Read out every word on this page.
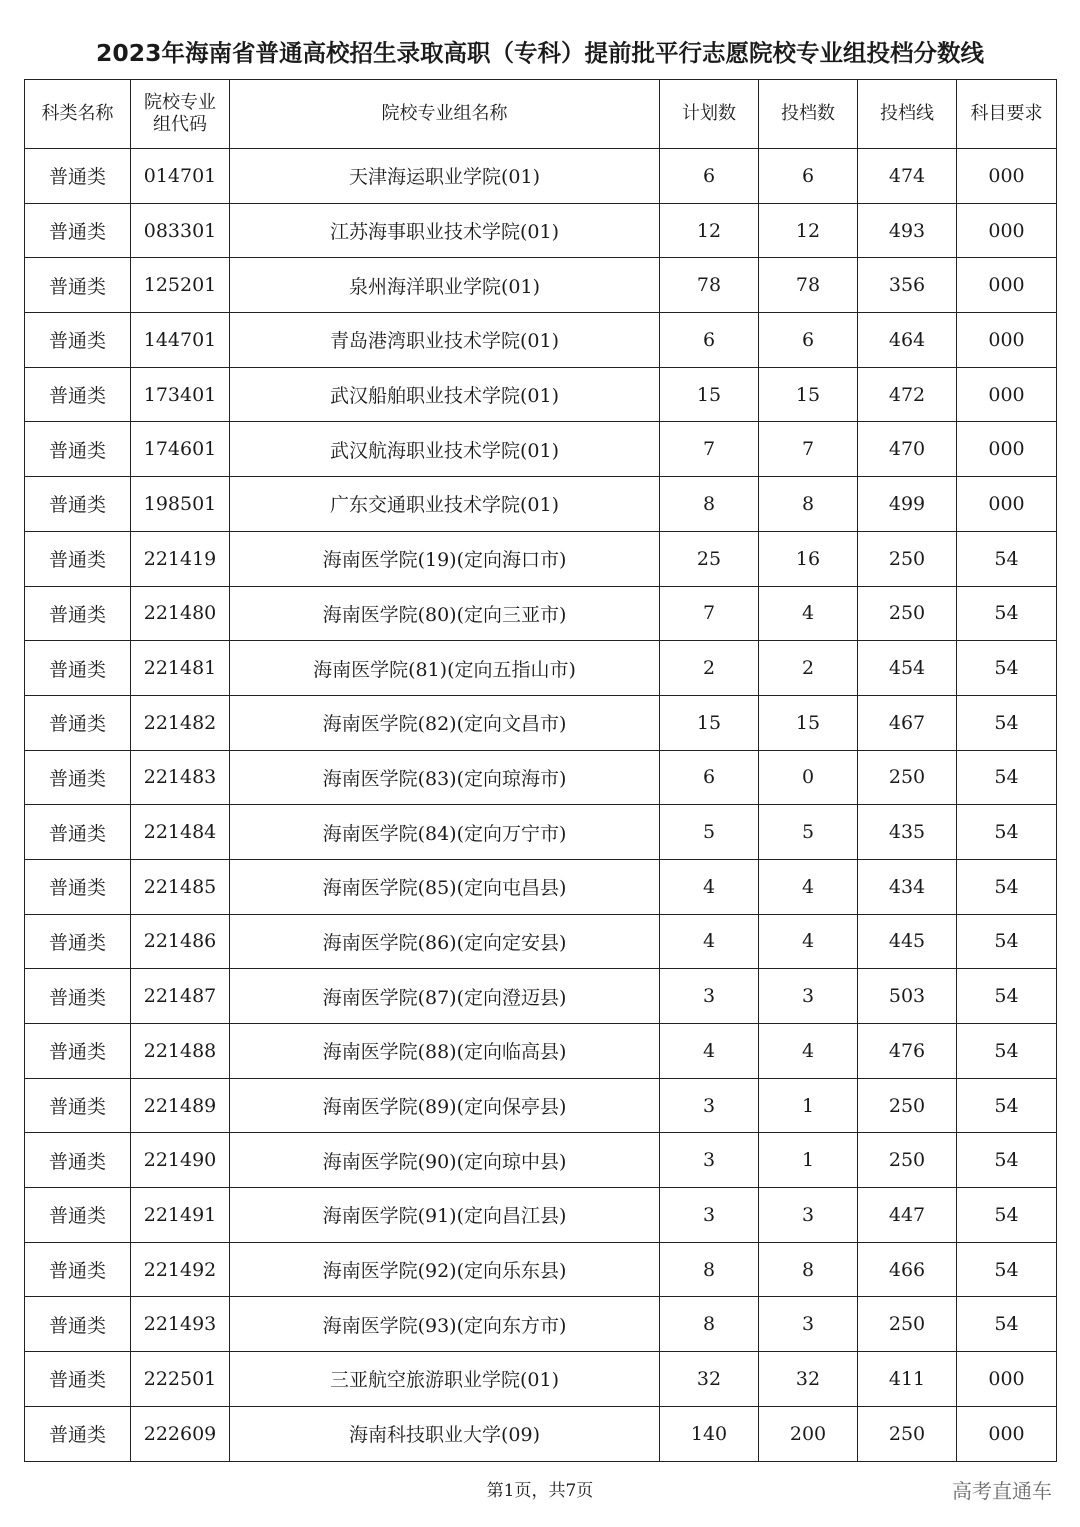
2023年海南省普通高校招生录取高职（专科）提前批平行志愿院校专业组投档分数线
科类名称	院校专业组代码	院校专业组名称	计划数	投档数	投档线	科目要求
普通类	014701	天津海运职业学院(01)	6	6	474	000
普通类	083301	江苏海事职业技术学院(01)	12	12	493	000
普通类	125201	泉州海洋职业学院(01)	78	78	356	000
普通类	144701	青岛港湾职业技术学院(01)	6	6	464	000
普通类	173401	武汉船舶职业技术学院(01)	15	15	472	000
普通类	174601	武汉航海职业技术学院(01)	7	7	470	000
普通类	198501	广东交通职业技术学院(01)	8	8	499	000
普通类	221419	海南医学院(19)(定向海口市)	25	16	250	54
普通类	221480	海南医学院(80)(定向三亚市)	7	4	250	54
普通类	221481	海南医学院(81)(定向五指山市)	2	2	454	54
普通类	221482	海南医学院(82)(定向文昌市)	15	15	467	54
普通类	221483	海南医学院(83)(定向琼海市)	6	0	250	54
普通类	221484	海南医学院(84)(定向万宁市)	5	5	435	54
普通类	221485	海南医学院(85)(定向屯昌县)	4	4	434	54
普通类	221486	海南医学院(86)(定向定安县)	4	4	445	54
普通类	221487	海南医学院(87)(定向澄迈县)	3	3	503	54
普通类	221488	海南医学院(88)(定向临高县)	4	4	476	54
普通类	221489	海南医学院(89)(定向保亭县)	3	1	250	54
普通类	221490	海南医学院(90)(定向琼中县)	3	1	250	54
普通类	221491	海南医学院(91)(定向昌江县)	3	3	447	54
普通类	221492	海南医学院(92)(定向乐东县)	8	8	466	54
普通类	221493	海南医学院(93)(定向东方市)	8	3	250	54
普通类	222501	三亚航空旅游职业学院(01)	32	32	411	000
普通类	222609	海南科技职业大学(09)	140	200	250	000
第1页，共7页	高考直通车
